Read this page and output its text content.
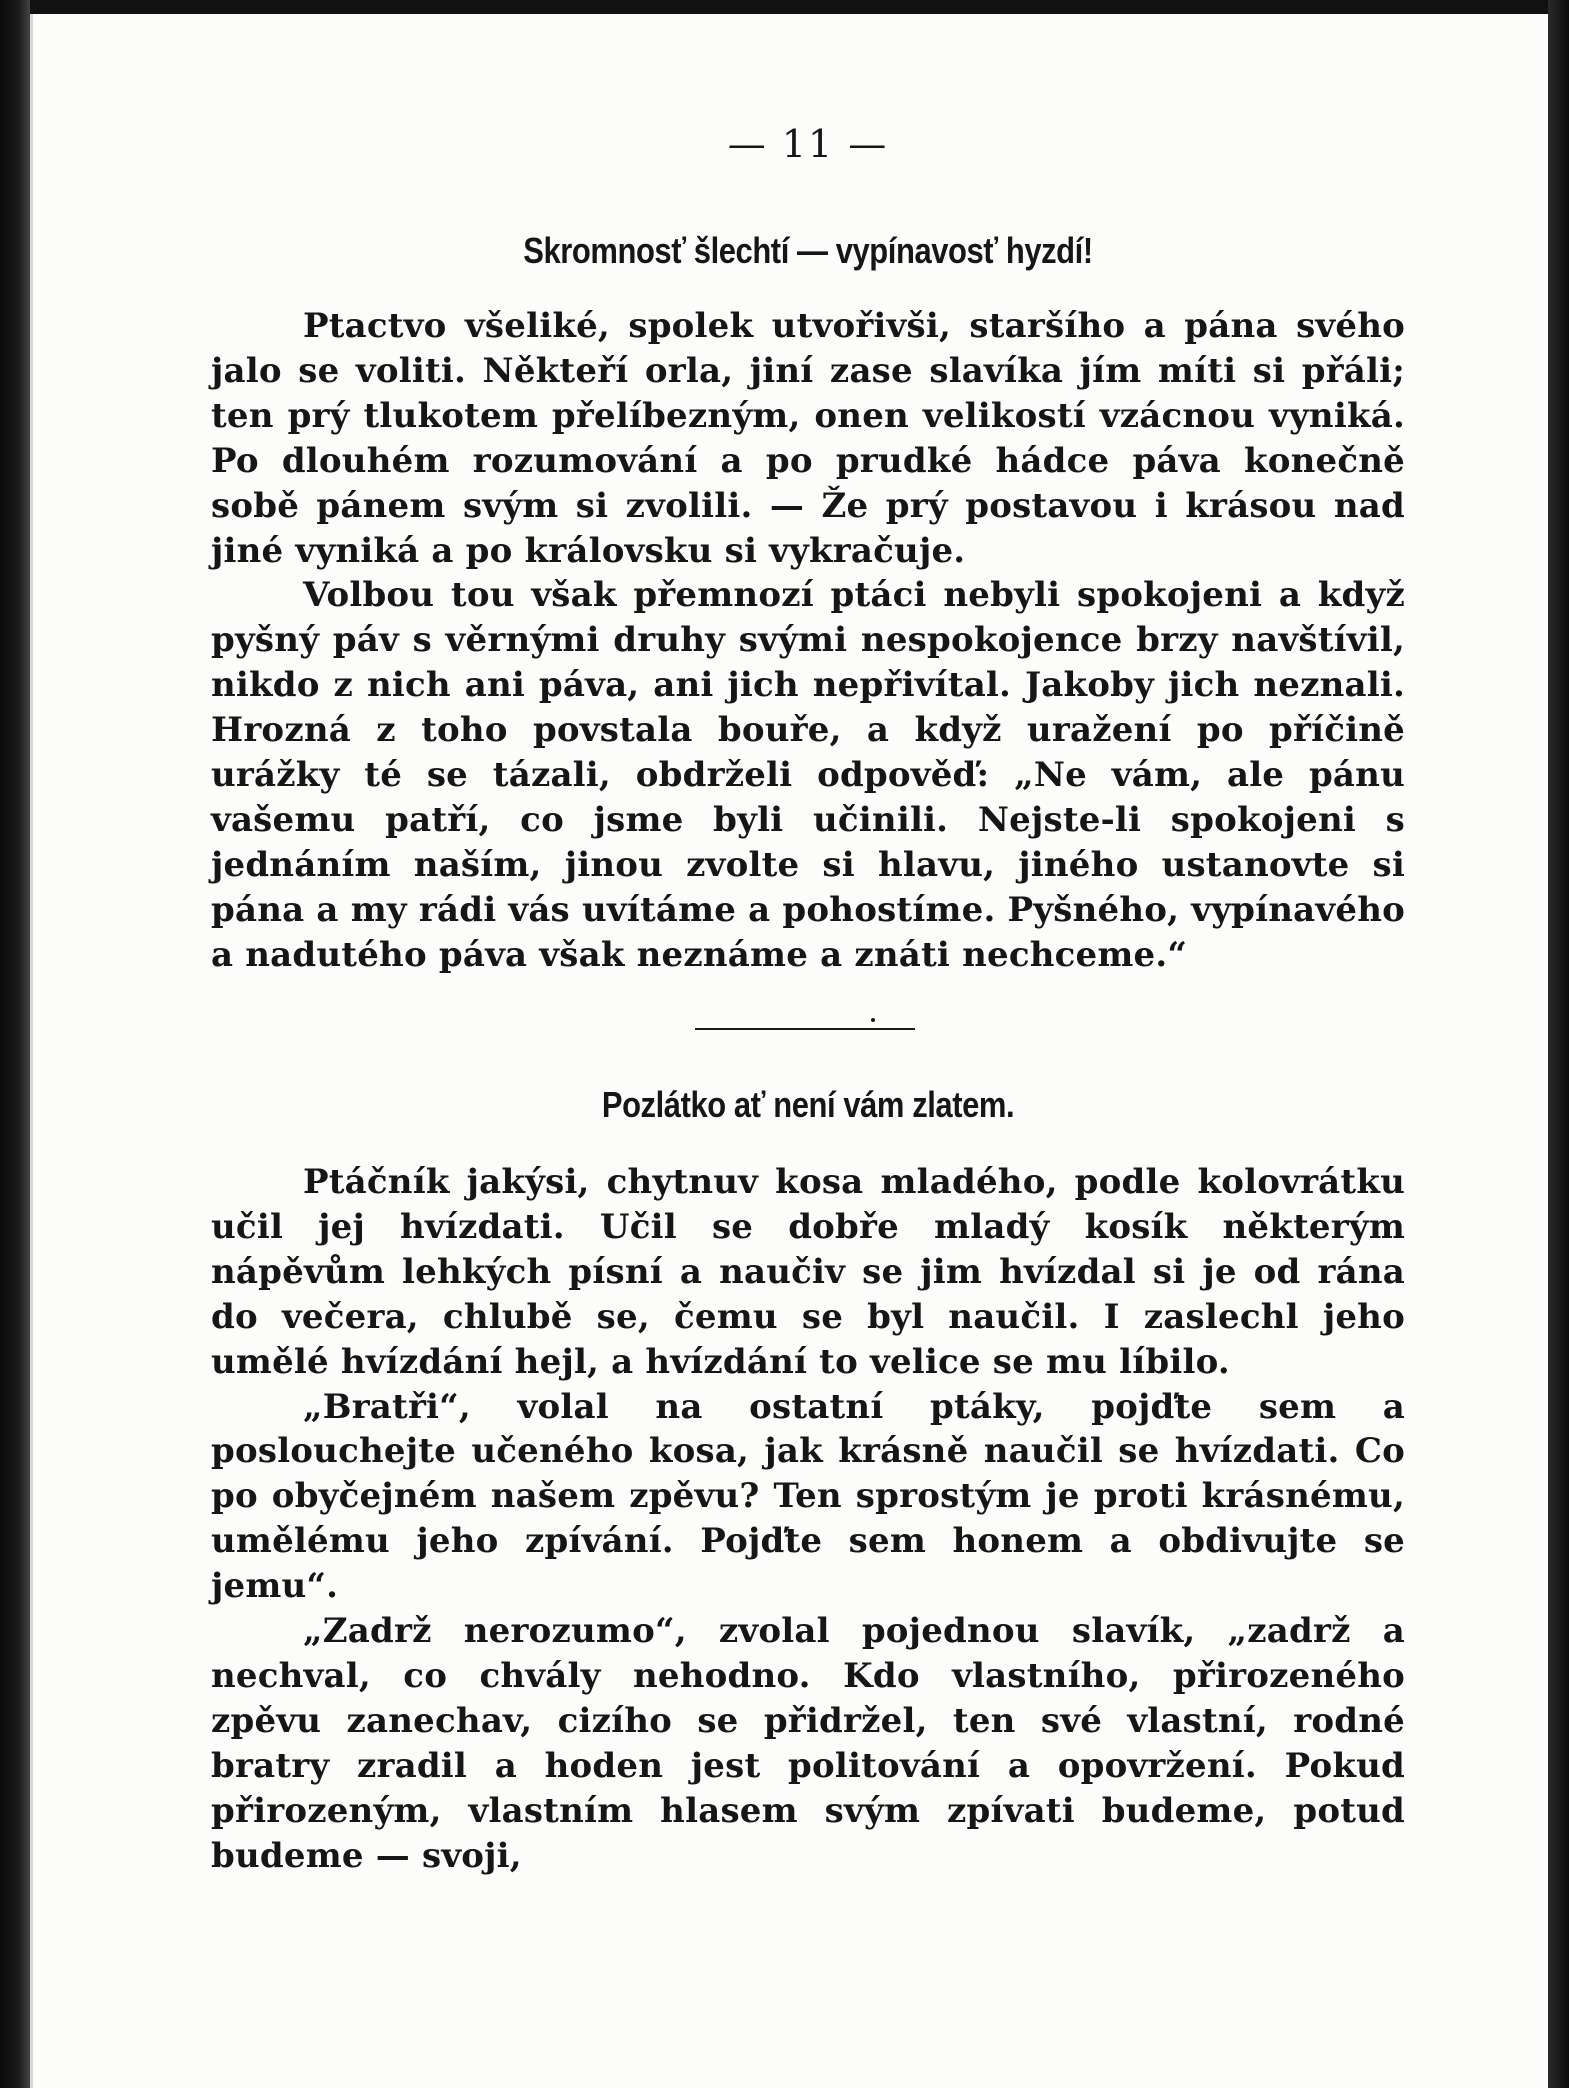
— 11 —
Skromnosť šlechtí — vypínavosť hyzdí!

Ptactvo všeliké, spolek utvořivši, staršího a pána svého jalo se voliti. Někteří orla, jiní zase slavíka jím míti si přáli; ten prý tlukotem přelíbezným, onen velikostí vzácnou vyniká. Po dlouhém rozumování a po prudké hádce páva konečně sobě pánem svým si zvolili. — Že prý postavou i krásou nad jiné vyniká a po královsku si vykračuje.

Volbou tou však přemnozí ptáci nebyli spokojeni a když pyšný páv s věrnými druhy svými nespokojence brzy navštívil, nikdo z nich ani páva, ani jich nepřivítal. Jakoby jich neznali. Hrozná z toho povstala bouře, a když uražení po příčině urážky té se tázali, obdrželi odpověď: „Ne vám, ale pánu vašemu patří, co jsme byli učinili. Nejste-li spokojeni s jednáním naším, jinou zvolte si hlavu, jiného ustanovte si pána a my rádi vás uvítáme a pohostíme. Pyšného, vypínavého a nadutého páva však neznáme a znáti nechceme.“

Pozlátko ať není vám zlatem.

Ptáčník jakýsi, chytnuv kosa mladého, podle kolovrátku učil jej hvízdati. Učil se dobře mladý kosík některým nápěvům lehkých písní a naučiv se jim hvízdal si je od rána do večera, chlubě se, čemu se byl naučil. I zaslechl jeho umělé hvízdání hejl, a hvízdání to velice se mu líbilo.

„Bratři“, volal na ostatní ptáky, pojďte sem a poslouchejte učeného kosa, jak krásně naučil se hvízdati. Co po obyčejném našem zpěvu? Ten sprostým je proti krásnému, umělému jeho zpívání. Pojďte sem honem a obdivujte se jemu“.

„Zadrž nerozumo“, zvolal pojednou slavík, „zadrž a nechval, co chvály nehodno. Kdo vlastního, přirozeného zpěvu zanechav, cizího se přidržel, ten své vlastní, rodné bratry zradil a hoden jest politování a opovržení. Pokud přirozeným, vlastním hlasem svým zpívati budeme, potud budeme — svoji,
